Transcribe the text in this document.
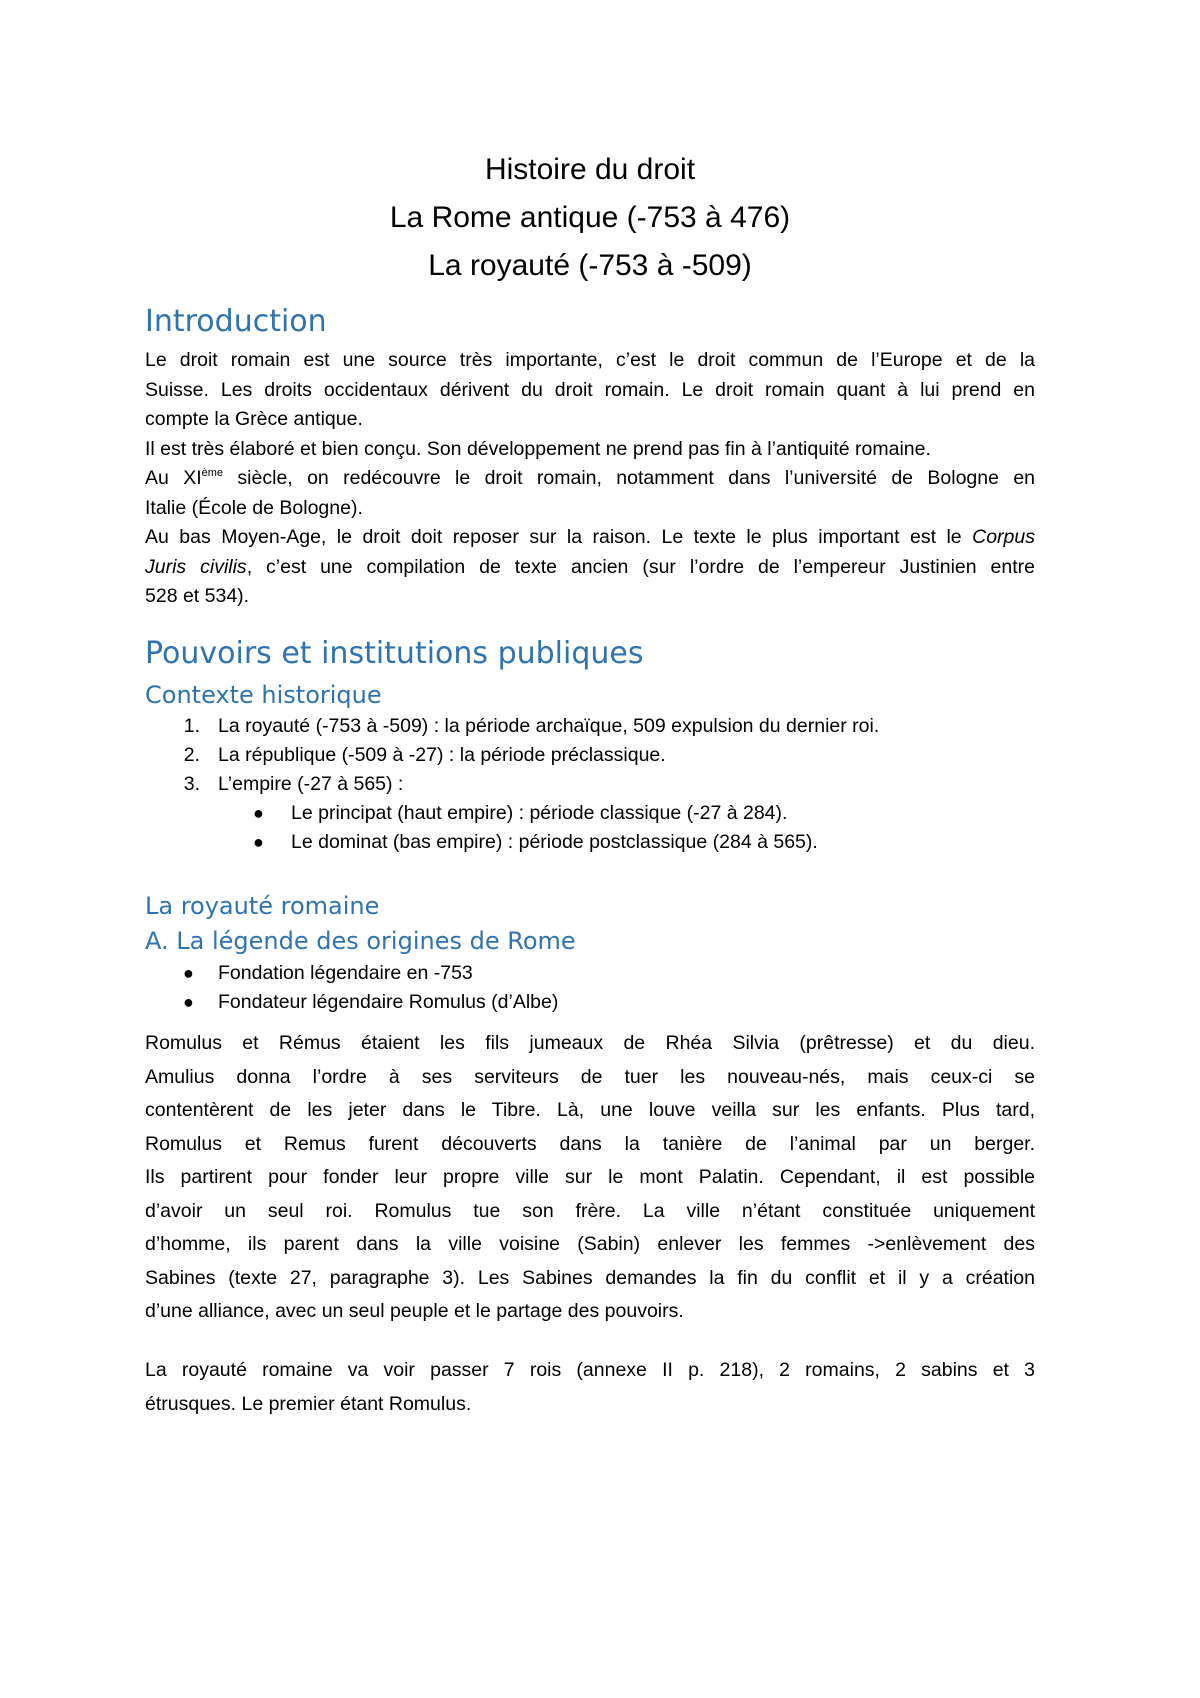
Histoire du droit
La Rome antique (-753 à 476)
La royauté (-753 à -509)
Introduction
Le droit romain est une source très importante, c’est le droit commun de l’Europe et de la
Suisse. Les droits occidentaux dérivent du droit romain. Le droit romain quant à lui prend en
compte la Grèce antique.
Il est très élaboré et bien conçu. Son développement ne prend pas fin à l’antiquité romaine.
Au XIème siècle, on redécouvre le droit romain, notamment dans l’université de Bologne en
Italie (École de Bologne).
Au bas Moyen-Age, le droit doit reposer sur la raison. Le texte le plus important est le Corpus
Juris civilis, c’est une compilation de texte ancien (sur l’ordre de l’empereur Justinien entre
528 et 534).
Pouvoirs et institutions publiques
Contexte historique
1. La royauté (-753 à -509) : la période archaïque, 509 expulsion du dernier roi.
2. La république (-509 à -27) : la période préclassique.
3. L’empire (-27 à 565) :
● Le principat (haut empire) : période classique (-27 à 284).
● Le dominat (bas empire) : période postclassique (284 à 565).
La royauté romaine
A. La légende des origines de Rome
● Fondation légendaire en -753
● Fondateur légendaire Romulus (d’Albe)
Romulus et Rémus étaient les fils jumeaux de Rhéa Silvia (prêtresse) et du dieu.
Amulius donna l’ordre à ses serviteurs de tuer les nouveau-nés, mais ceux-ci se
contentèrent de les jeter dans le Tibre. Là, une louve veilla sur les enfants. Plus tard,
Romulus et Remus furent découverts dans la tanière de l’animal par un berger.
Ils partirent pour fonder leur propre ville sur le mont Palatin. Cependant, il est possible
d’avoir un seul roi. Romulus tue son frère. La ville n’étant constituée uniquement
d’homme, ils parent dans la ville voisine (Sabin) enlever les femmes ->enlèvement des
Sabines (texte 27, paragraphe 3). Les Sabines demandes la fin du conflit et il y a création
d’une alliance, avec un seul peuple et le partage des pouvoirs.
La royauté romaine va voir passer 7 rois (annexe II p. 218), 2 romains, 2 sabins et 3
étrusques. Le premier étant Romulus.
